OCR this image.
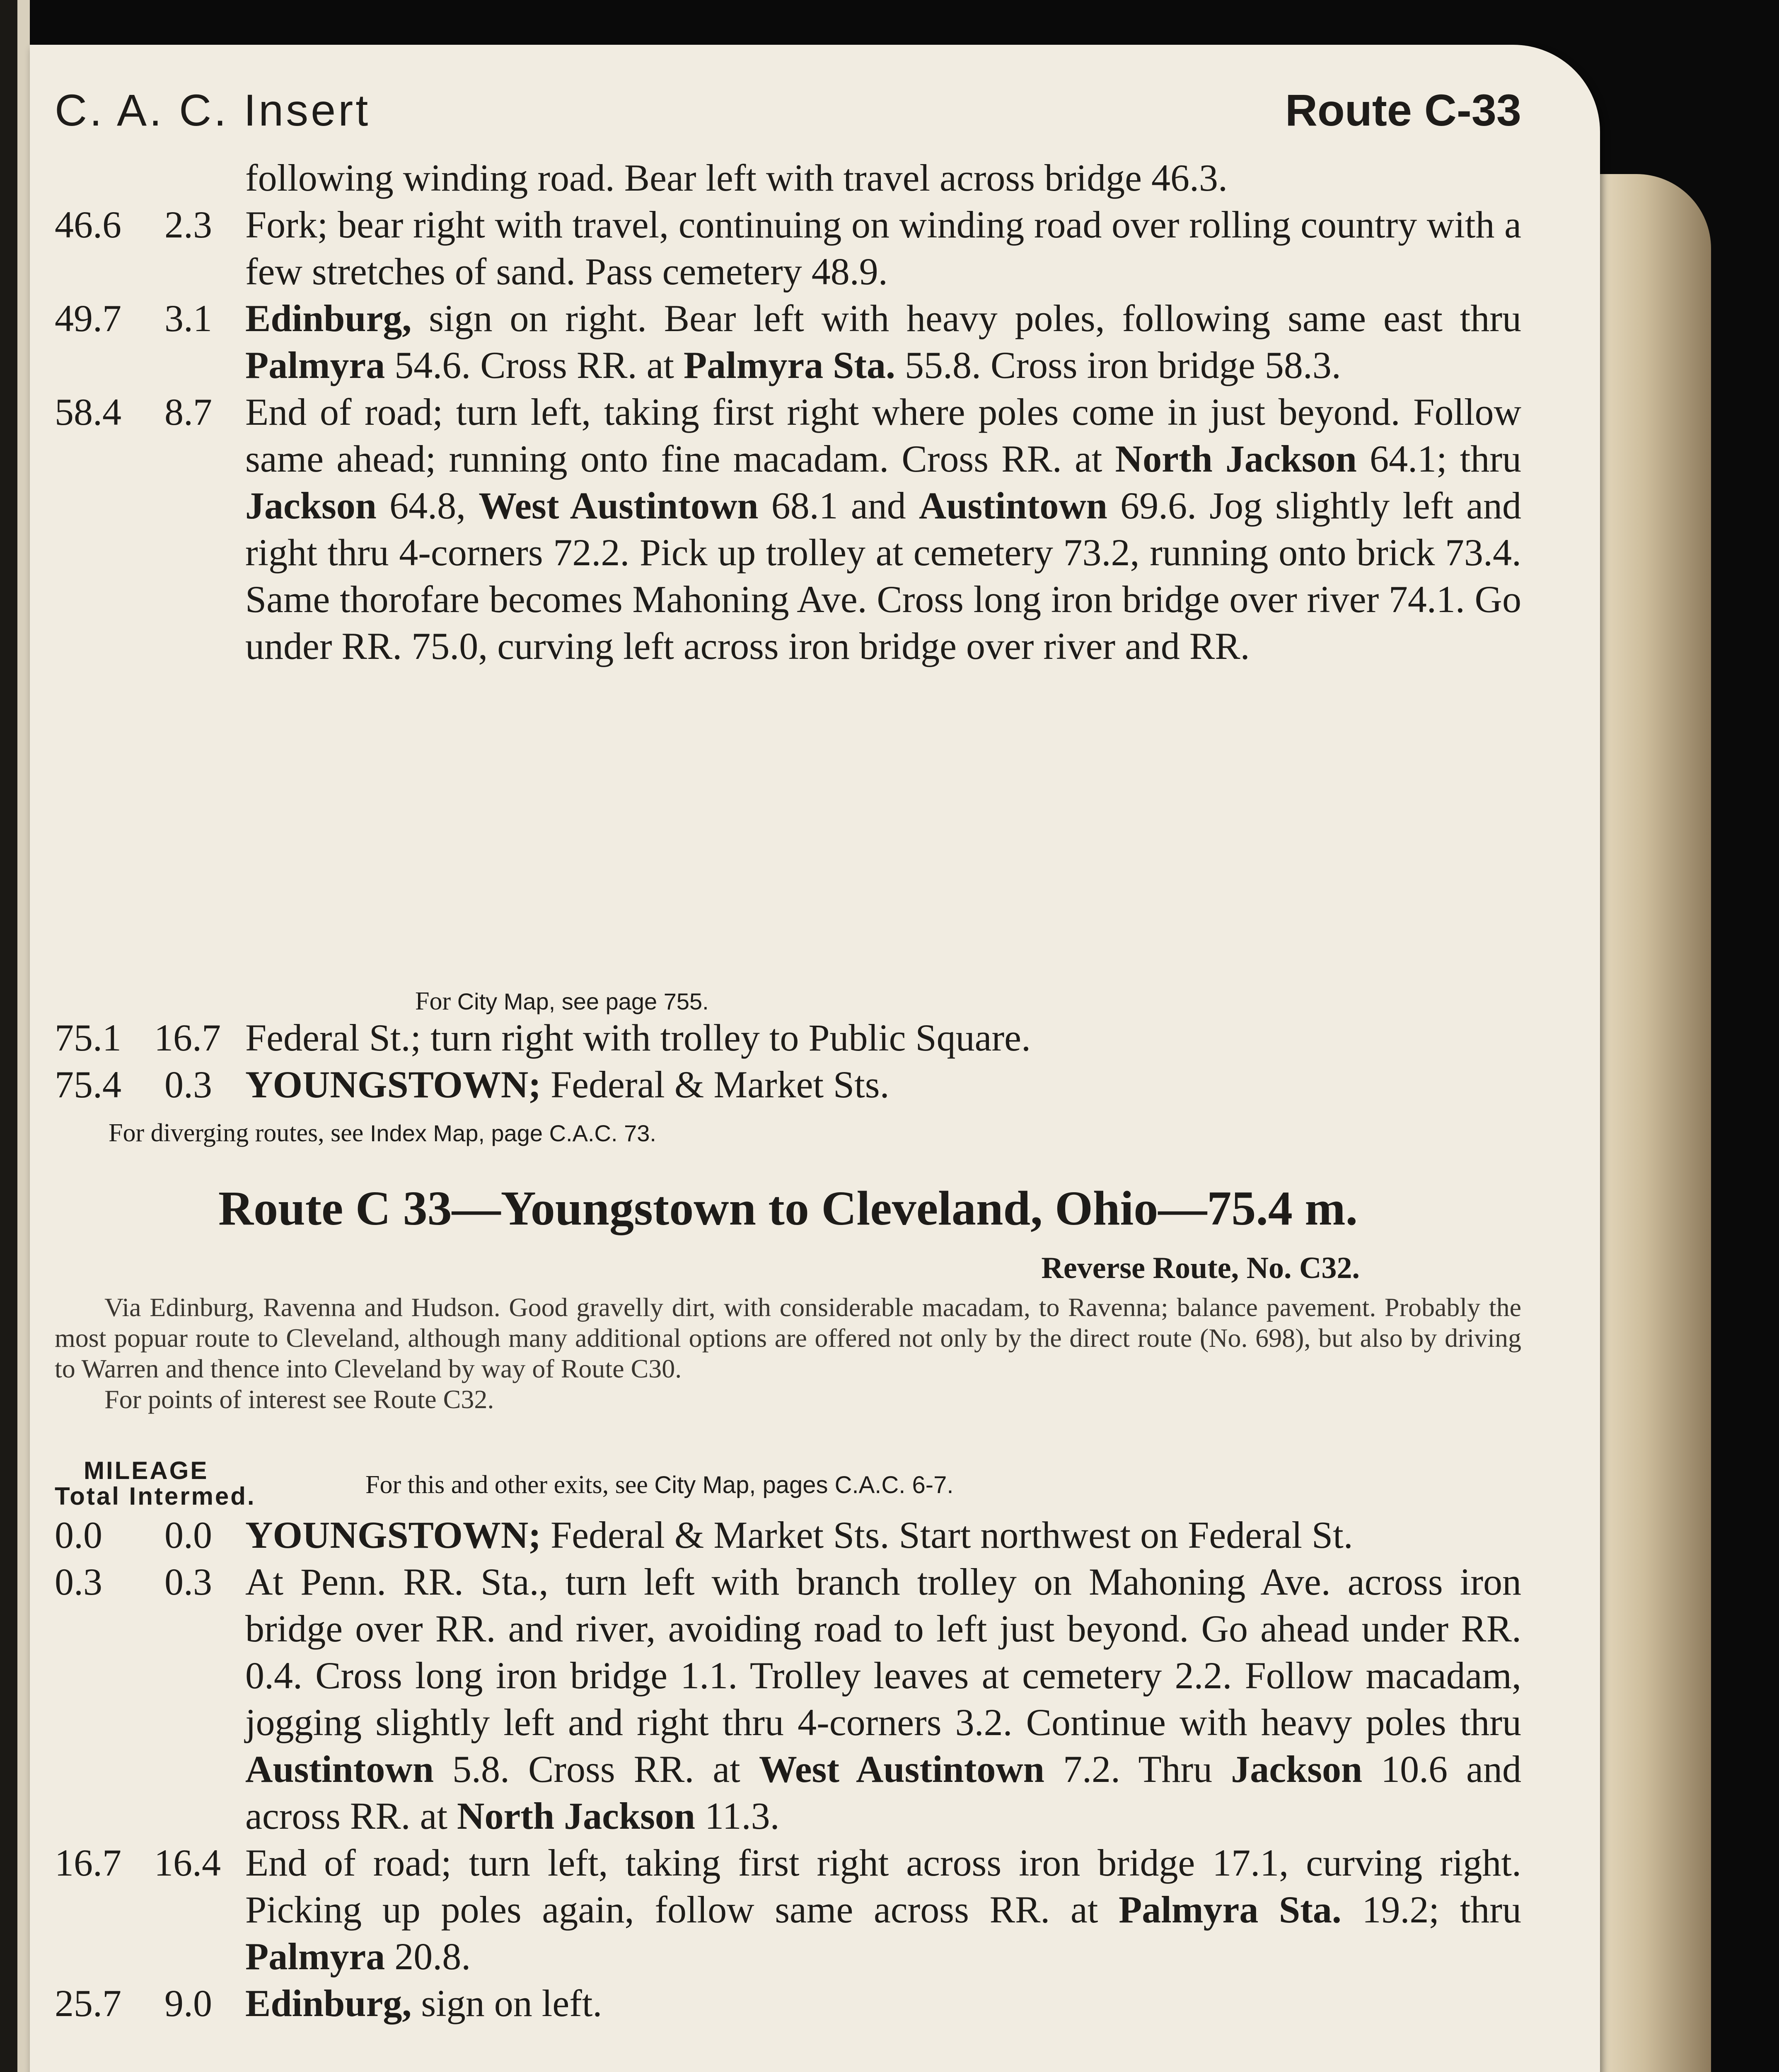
C. A. C. Insert	Route C-33
following winding road. Bear left with travel across bridge 46.3.
46.6	2.3 Fork; bear right with travel, continuing on winding road over rolling country with a few stretches of sand. Pass cemetery 48.9.
49.7	3.1 Edinburg, sign on right. Bear left with heavy poles, following same east thru Palmyra 54.6. Cross RR. at Palmyra Sta. 55.8. Cross iron bridge 58.3.
58.4	8.7 End of road; turn left, taking first right where poles come in just beyond. Follow same ahead; running onto fine macadam. Cross RR. at North Jackson 64.1; thru Jackson 64.8, West Austintown 68.1 and Austintown 69.6. Jog slightly left and right thru 4-corners 72.2. Pick up trolley at cemetery 73.2, running onto brick 73.4. Same thorofare becomes Mahoning Ave. Cross long iron bridge over river 74.1. Go under RR. 75.0, curving left across iron bridge over river and RR.
For City Map, see page 755.
75.1 16.7 Federal St.; turn right with trolley to Public Square.
75.4	0.3 YOUNGSTOWN; Federal & Market Sts.
For diverging routes, see Index Map, page C.A.C. 73.
Route C 33—Youngstown to Cleveland, Ohio—75.4 m.
Reverse Route, No. C32.

Via Edinburg, Ravenna and Hudson. Good gravelly dirt, with considerable macadam, to Ravenna; balance pavement. Probably the most popuar route to Cleveland, although many additional options are offered not only by the direct route (No. 698), but also by driving to Warren and thence into Cleveland by way of Route C30.

For points of interest see Route C32.

MILEAGE
Total Intermed.	For this and other exits, see City Map, pages C.A.C. 6-7.
0.0	0.0 YOUNGSTOWN; Federal & Market Sts. Start northwest on Federal St.
0.3	0.3 At Penn. RR. Sta., turn left with branch trolley on Mahoning Ave. across iron bridge over RR. and river, avoiding road to left just beyond. Go ahead under RR. 0.4. Cross long iron bridge 1.1. Trolley leaves at cemetery 2.2. Follow macadam, jogging slightly left and right thru 4-corners 3.2. Continue with heavy poles thru Austintown 5.8. Cross RR. at West Austintown 7.2. Thru Jackson 10.6 and across RR. at North Jackson 11.3.
16.7 16.4 End of road; turn left, taking first right across iron bridge 17.1, curving right. Picking up poles again, follow same across RR. at Palmyra Sta. 19.2; thru Palmyra 20.8.
25.7	9.0 Edinburg, sign on left.
